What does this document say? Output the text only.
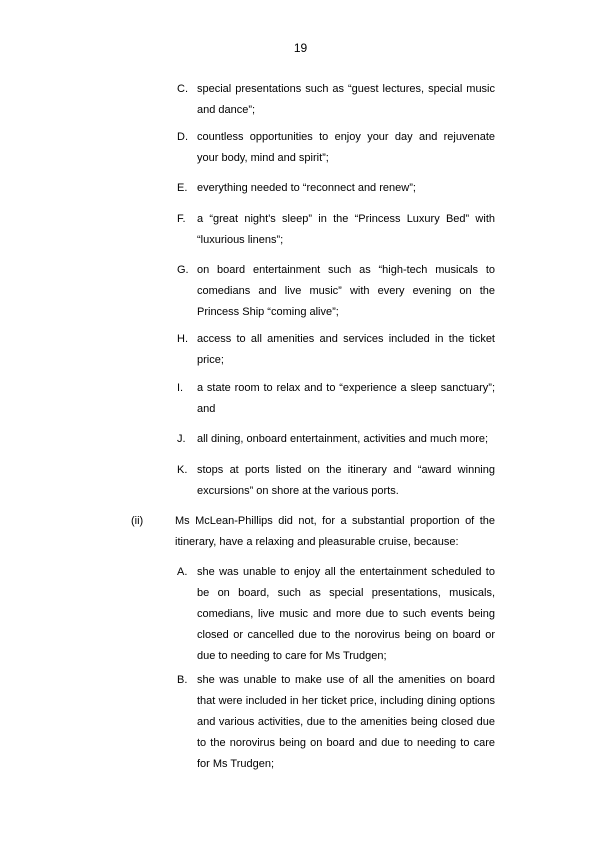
19
C. special presentations such as “guest lectures, special music and dance”;
D. countless opportunities to enjoy your day and rejuvenate your body, mind and spirit”;
E. everything needed to “reconnect and renew”;
F. a “great night's sleep” in the “Princess Luxury Bed” with “luxurious linens”;
G. on board entertainment such as “high-tech musicals to comedians and live music” with every evening on the Princess Ship “coming alive”;
H. access to all amenities and services included in the ticket price;
I. a state room to relax and to “experience a sleep sanctuary”; and
J. all dining, onboard entertainment, activities and much more;
K. stops at ports listed on the itinerary and “award winning excursions” on shore at the various ports.
(ii)	Ms McLean-Phillips did not, for a substantial proportion of the itinerary, have a relaxing and pleasurable cruise, because:
A. she was unable to enjoy all the entertainment scheduled to be on board, such as special presentations, musicals, comedians, live music and more due to such events being closed or cancelled due to the norovirus being on board or due to needing to care for Ms Trudgen;
B. she was unable to make use of all the amenities on board that were included in her ticket price, including dining options and various activities, due to the amenities being closed due to the norovirus being on board and due to needing to care for Ms Trudgen;
